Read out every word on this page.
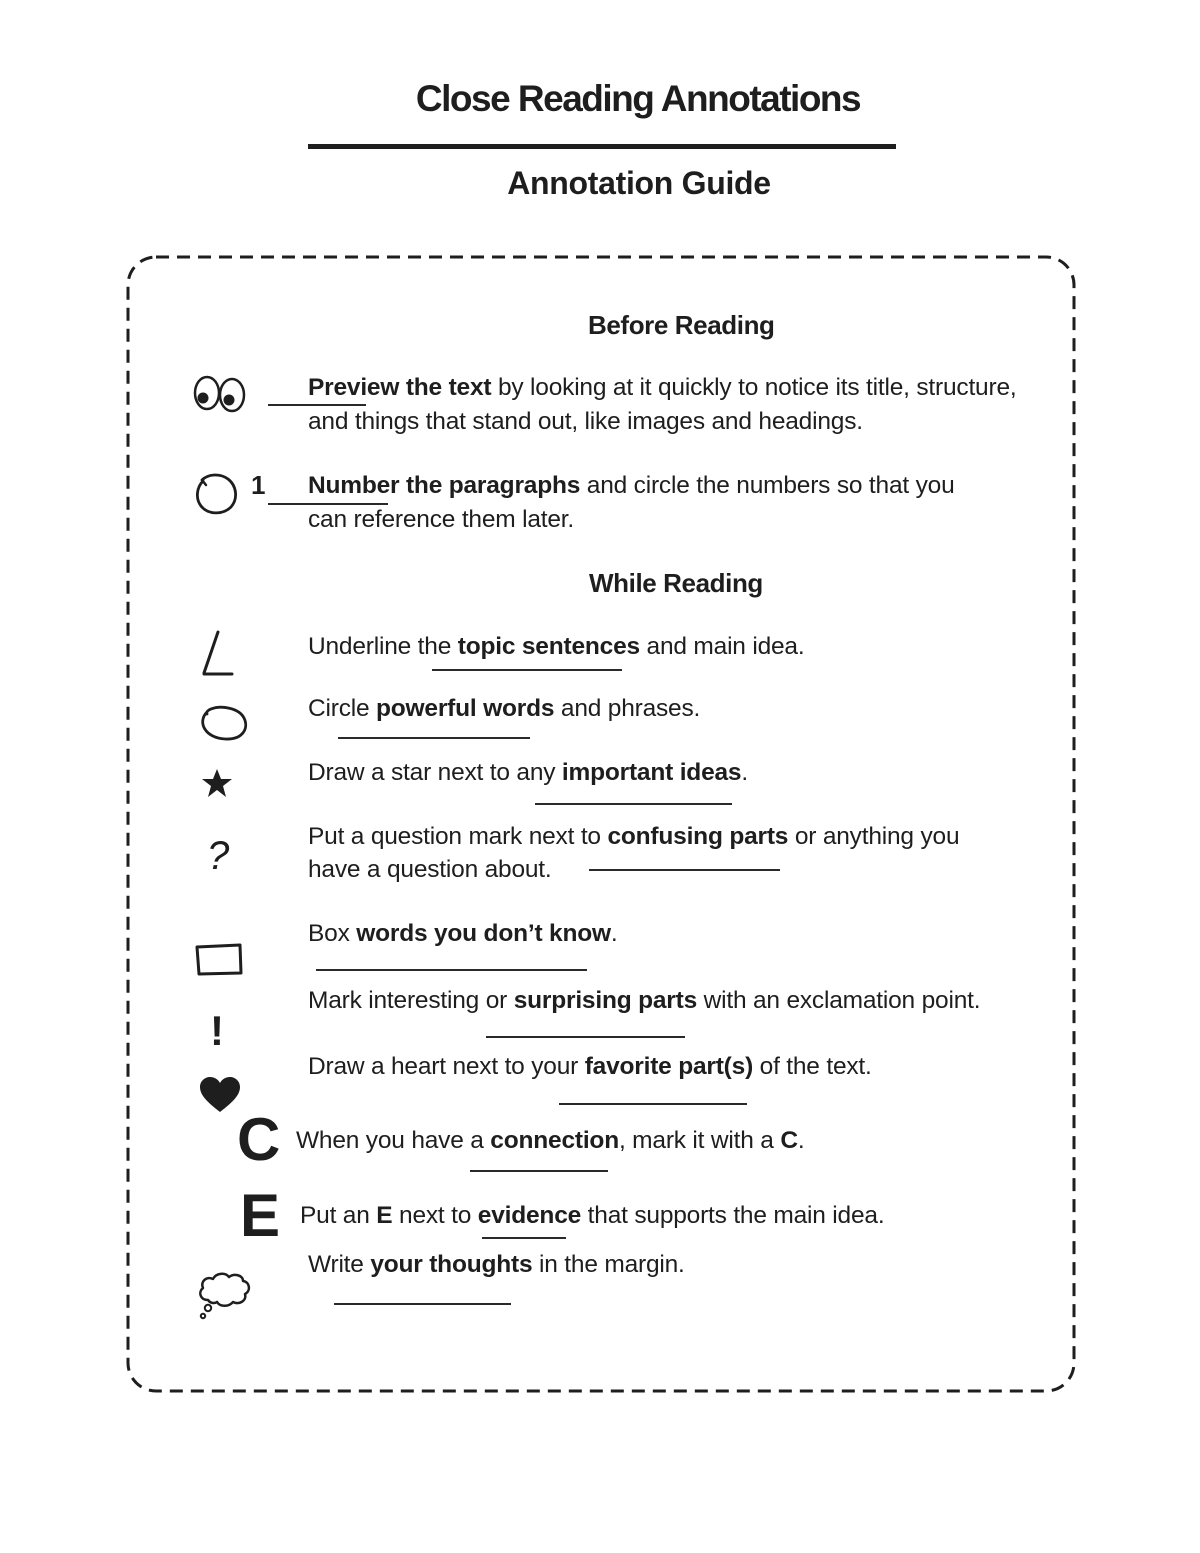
Close Reading Annotations
Annotation Guide
Before Reading
Preview the text by looking at it quickly to notice its title, structure,
and things that stand out, like images and headings.
1 Number the paragraphs and circle the numbers so that you
can reference them later.
While Reading
Underline the topic sentences and main idea.
Circle powerful words and phrases.
Draw a star next to any important ideas.
?	Put a question mark next to confusing parts or anything you
have a question about.
Box words you don’t know.
!
Mark interesting or surprising parts with an exclamation point.
Draw a heart next to your favorite part(s) of the text.
C When you have a connection, mark it with a C.
E Put an E next to evidence that supports the main idea.
Write your thoughts in the margin.
